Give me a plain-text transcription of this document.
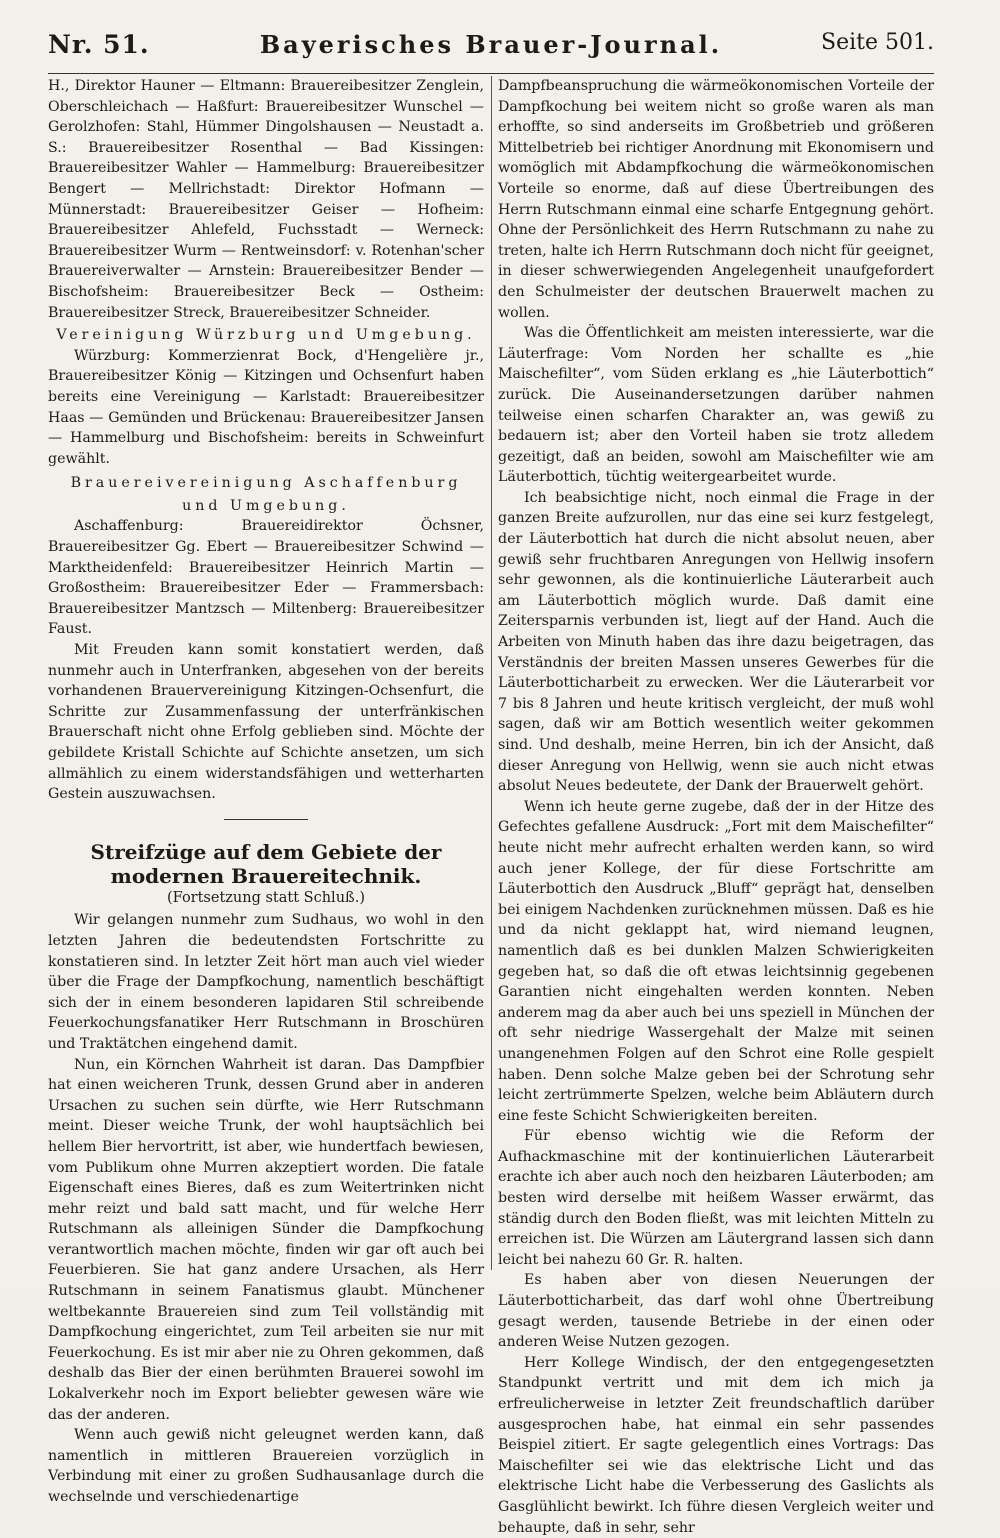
Nr. 51.	Bayerisches Brauer-Journal.	Seite 501.

H., Direktor Hauner — Eltmann: Brauereibesitzer Zenglein, Oberschleichach — Haßfurt: Brauereibesitzer Wunschel — Gerolzhofen: Stahl, Hümmer Dingolshausen — Neustadt a. S.: Brauereibesitzer Rosenthal — Bad Kissingen: Brauereibesitzer Wahler — Hammelburg: Brauereibesitzer Bengert — Mellrichstadt: Direktor Hofmann — Münnerstadt: Brauereibesitzer Geiser — Hofheim: Brauereibesitzer Ahlefeld, Fuchsstadt — Werneck: Brauereibesitzer Wurm — Rentweinsdorf: v. Rotenhan'scher Brauereiverwalter — Arnstein: Brauereibesitzer Bender — Bischofsheim: Brauereibesitzer Beck — Ostheim: Brauereibesitzer Streck, Brauereibesitzer Schneider.

Vereinigung Würzburg und Umgebung.

Würzburg: Kommerzienrat Bock, d'Hengelière jr., Brauereibesitzer König — Kitzingen und Ochsenfurt haben bereits eine Vereinigung — Karlstadt: Brauereibesitzer Haas — Gemünden und Brückenau: Brauereibesitzer Jansen — Hammelburg und Bischofsheim: bereits in Schweinfurt gewählt.

Brauereivereinigung Aschaffenburg

und Umgebung.

Aschaffenburg: Brauereidirektor Öchsner, Brauereibesitzer Gg. Ebert — Brauereibesitzer Schwind — Marktheidenfeld: Brauereibesitzer Heinrich Martin — Großostheim: Brauereibesitzer Eder — Frammersbach: Brauereibesitzer Mantzsch — Miltenberg: Brauereibesitzer Faust.

Mit Freuden kann somit konstatiert werden, daß nunmehr auch in Unterfranken, abgesehen von der bereits vorhandenen Brauervereinigung Kitzingen-Ochsenfurt, die Schritte zur Zusammenfassung der unterfränkischen Brauerschaft nicht ohne Erfolg geblieben sind. Möchte der gebildete Kristall Schichte auf Schichte ansetzen, um sich allmählich zu einem widerstandsfähigen und wetterharten Gestein auszuwachsen.

Streifzüge auf dem Gebiete der modernen Brauereitechnik.

(Fortsetzung statt Schluß.)

Wir gelangen nunmehr zum Sudhaus, wo wohl in den letzten Jahren die bedeutendsten Fortschritte zu konstatieren sind. In letzter Zeit hört man auch viel wieder über die Frage der Dampfkochung, namentlich beschäftigt sich der in einem besonderen lapidaren Stil schreibende Feuerkochungsfanatiker Herr Rutschmann in Broschüren und Traktätchen eingehend damit.

Nun, ein Körnchen Wahrheit ist daran. Das Dampfbier hat einen weicheren Trunk, dessen Grund aber in anderen Ursachen zu suchen sein dürfte, wie Herr Rutschmann meint. Dieser weiche Trunk, der wohl hauptsächlich bei hellem Bier hervortritt, ist aber, wie hundertfach bewiesen, vom Publikum ohne Murren akzeptiert worden. Die fatale Eigenschaft eines Bieres, daß es zum Weitertrinken nicht mehr reizt und bald satt macht, und für welche Herr Rutschmann als alleinigen Sünder die Dampfkochung verantwortlich machen möchte, finden wir gar oft auch bei Feuerbieren. Sie hat ganz andere Ursachen, als Herr Rutschmann in seinem Fanatismus glaubt. Münchener weltbekannte Brauereien sind zum Teil vollständig mit Dampfkochung eingerichtet, zum Teil arbeiten sie nur mit Feuerkochung. Es ist mir aber nie zu Ohren gekommen, daß deshalb das Bier der einen berühmten Brauerei sowohl im Lokalverkehr noch im Export beliebter gewesen wäre wie das der anderen.

Wenn auch gewiß nicht geleugnet werden kann, daß namentlich in mittleren Brauereien vorzüglich in Verbindung mit einer zu großen Sudhausanlage durch die wechselnde und verschiedenartige

Dampfbeanspruchung die wärmeökonomischen Vorteile der Dampfkochung bei weitem nicht so große waren als man erhoffte, so sind anderseits im Großbetrieb und größeren Mittelbetrieb bei richtiger Anordnung mit Ekonomisern und womöglich mit Abdampfkochung die wärmeökonomischen Vorteile so enorme, daß auf diese Übertreibungen des Herrn Rutschmann einmal eine scharfe Entgegnung gehört. Ohne der Persönlichkeit des Herrn Rutschmann zu nahe zu treten, halte ich Herrn Rutschmann doch nicht für geeignet, in dieser schwerwiegenden Angelegenheit unaufgefordert den Schulmeister der deutschen Brauerwelt machen zu wollen.

Was die Öffentlichkeit am meisten interessierte, war die Läuterfrage: Vom Norden her schallte es „hie Maischefilter“, vom Süden erklang es „hie Läuterbottich“ zurück. Die Auseinandersetzungen darüber nahmen teilweise einen scharfen Charakter an, was gewiß zu bedauern ist; aber den Vorteil haben sie trotz alledem gezeitigt, daß an beiden, sowohl am Maischefilter wie am Läuterbottich, tüchtig weitergearbeitet wurde.

Ich beabsichtige nicht, noch einmal die Frage in der ganzen Breite aufzurollen, nur das eine sei kurz festgelegt, der Läuterbottich hat durch die nicht absolut neuen, aber gewiß sehr fruchtbaren Anregungen von Hellwig insofern sehr gewonnen, als die kontinuierliche Läuterarbeit auch am Läuterbottich möglich wurde. Daß damit eine Zeitersparnis verbunden ist, liegt auf der Hand. Auch die Arbeiten von Minuth haben das ihre dazu beigetragen, das Verständnis der breiten Massen unseres Gewerbes für die Läuterbotticharbeit zu erwecken. Wer die Läuterarbeit vor 7 bis 8 Jahren und heute kritisch vergleicht, der muß wohl sagen, daß wir am Bottich wesentlich weiter gekommen sind. Und deshalb, meine Herren, bin ich der Ansicht, daß dieser Anregung von Hellwig, wenn sie auch nicht etwas absolut Neues bedeutete, der Dank der Brauerwelt gehört.

Wenn ich heute gerne zugebe, daß der in der Hitze des Gefechtes gefallene Ausdruck: „Fort mit dem Maischefilter“ heute nicht mehr aufrecht erhalten werden kann, so wird auch jener Kollege, der für diese Fortschritte am Läuterbottich den Ausdruck „Bluff“ geprägt hat, denselben bei einigem Nachdenken zurücknehmen müssen. Daß es hie und da nicht geklappt hat, wird niemand leugnen, namentlich daß es bei dunklen Malzen Schwierigkeiten gegeben hat, so daß die oft etwas leichtsinnig gegebenen Garantien nicht eingehalten werden konnten. Neben anderem mag da aber auch bei uns speziell in München der oft sehr niedrige Wassergehalt der Malze mit seinen unangenehmen Folgen auf den Schrot eine Rolle gespielt haben. Denn solche Malze geben bei der Schrotung sehr leicht zertrümmerte Spelzen, welche beim Abläutern durch eine feste Schicht Schwierigkeiten bereiten.

Für ebenso wichtig wie die Reform der Aufhackmaschine mit der kontinuierlichen Läuterarbeit erachte ich aber auch noch den heizbaren Läuterboden; am besten wird derselbe mit heißem Wasser erwärmt, das ständig durch den Boden fließt, was mit leichten Mitteln zu erreichen ist. Die Würzen am Läutergrand lassen sich dann leicht bei nahezu 60 Gr. R. halten.

Es haben aber von diesen Neuerungen der Läuterbotticharbeit, das darf wohl ohne Übertreibung gesagt werden, tausende Betriebe in der einen oder anderen Weise Nutzen gezogen.

Herr Kollege Windisch, der den entgegengesetzten Standpunkt vertritt und mit dem ich mich ja erfreulicherweise in letzter Zeit freundschaftlich darüber ausgesprochen habe, hat einmal ein sehr passendes Beispiel zitiert. Er sagte gelegentlich eines Vortrags: Das Maischefilter sei wie das elektrische Licht und das elektrische Licht habe die Verbesserung des Gaslichts als Gasglühlicht bewirkt. Ich führe diesen Vergleich weiter und behaupte, daß in sehr, sehr
